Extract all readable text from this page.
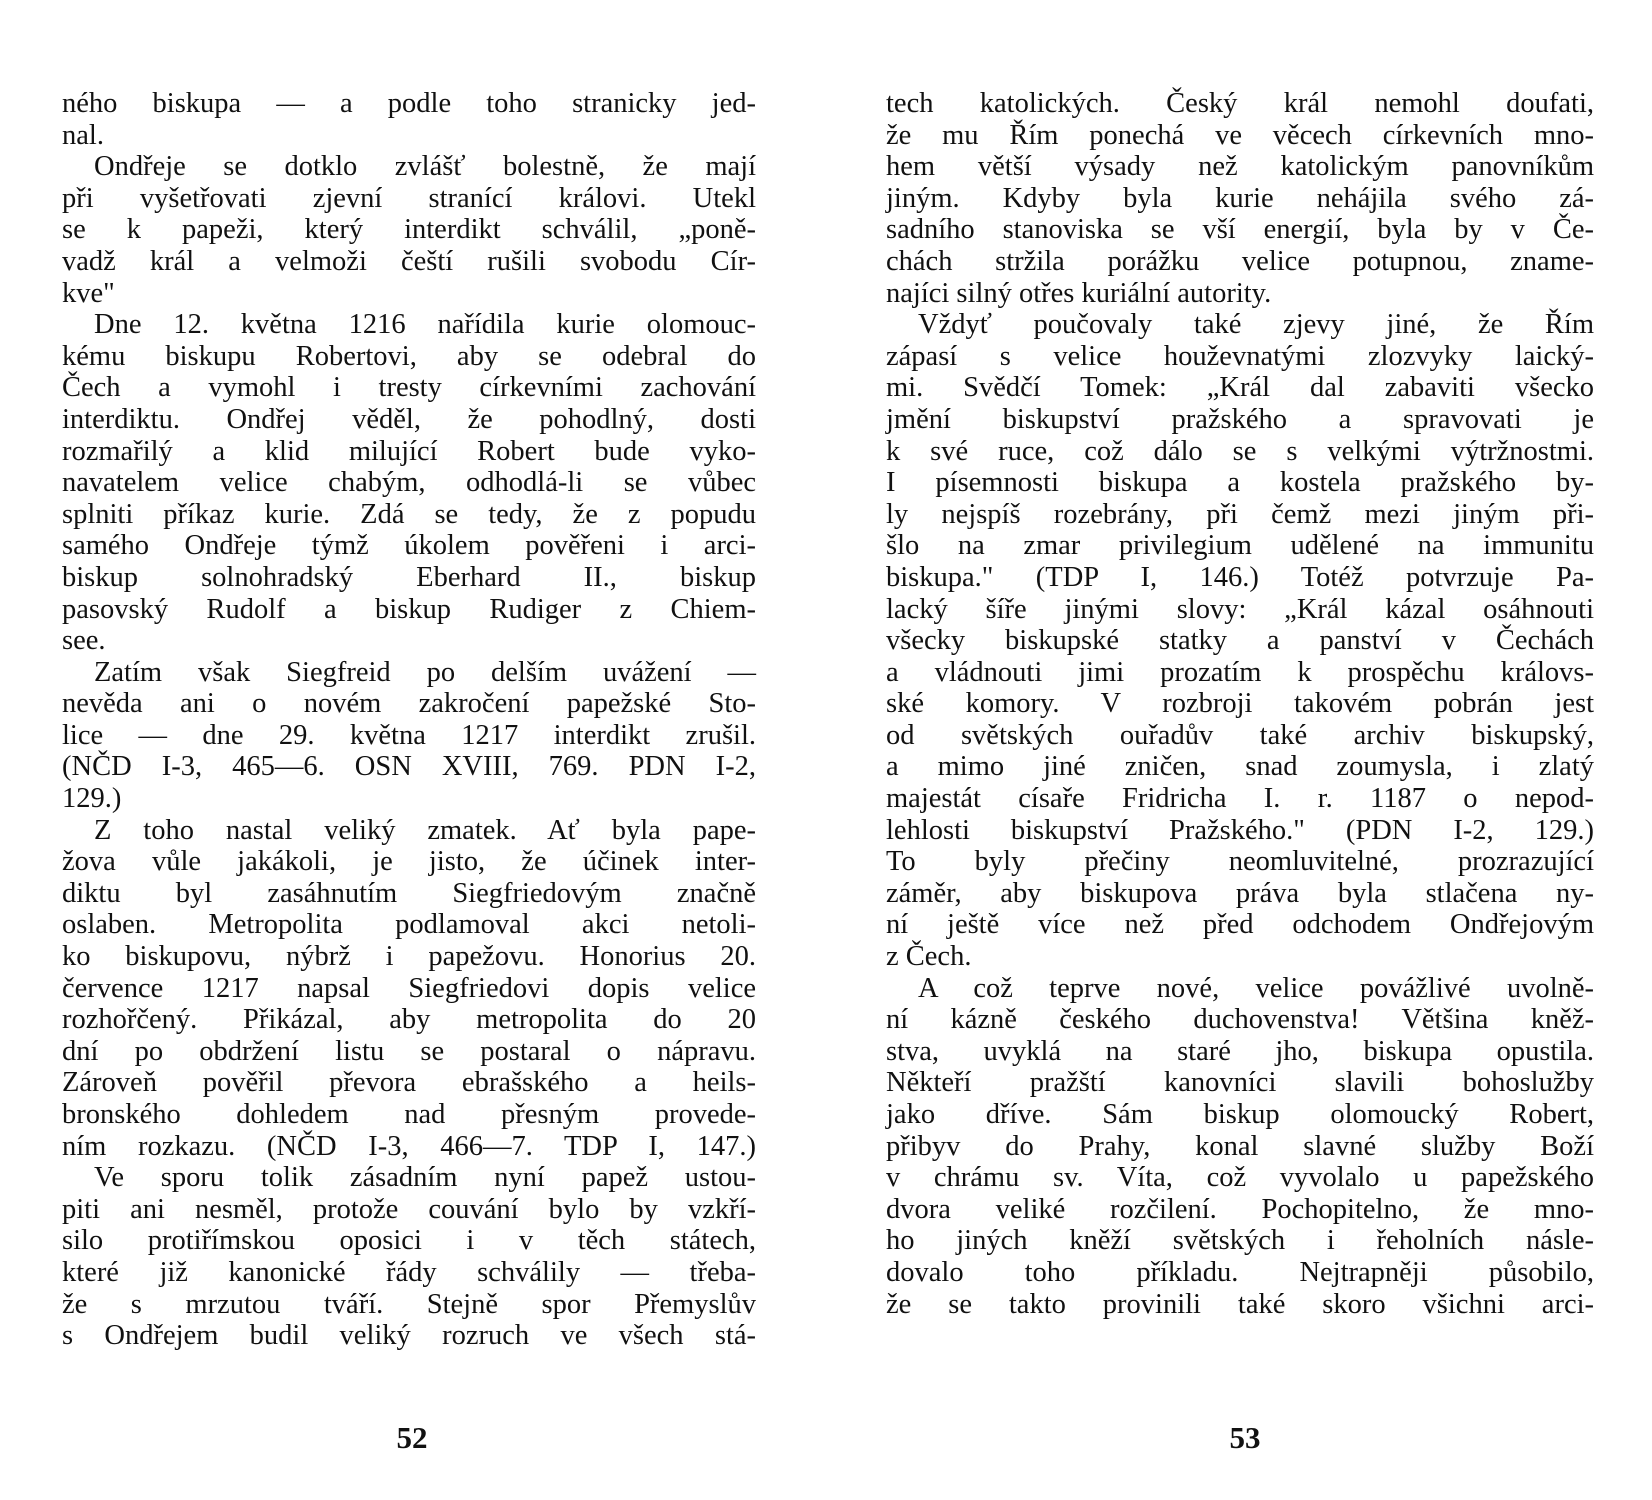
ného biskupa — a podle toho stranicky jed-
nal.
Ondřeje se dotklo zvlášť bolestně, že mají
při vyšetřovati zjevní stranící královi. Utekl
se k papeži, který interdikt schválil, „poně-
vadž král a velmoži čeští rušili svobodu Cír-
kve"
Dne 12. května 1216 nařídila kurie olomouc-
kému biskupu Robertovi, aby se odebral do
Čech a vymohl i tresty církevními zachování
interdiktu. Ondřej věděl, že pohodlný, dosti
rozmařilý a klid milující Robert bude vyko-
navatelem velice chabým, odhodlá-li se vůbec
splniti příkaz kurie. Zdá se tedy, že z popudu
samého Ondřeje týmž úkolem pověřeni i arci-
biskup solnohradský Eberhard II., biskup
pasovský Rudolf a biskup Rudiger z Chiem-
see.
Zatím však Siegfreid po delším uvážení —
nevěda ani o novém zakročení papežské Sto-
lice — dne 29. května 1217 interdikt zrušil.
(NČD I-3, 465—6. OSN XVIII, 769. PDN I-2,
129.)
Z toho nastal veliký zmatek. Ať byla pape-
žova vůle jakákoli, je jisto, že účinek inter-
diktu byl zasáhnutím Siegfriedovým značně
oslaben. Metropolita podlamoval akci netoli-
ko biskupovu, nýbrž i papežovu. Honorius 20.
července 1217 napsal Siegfriedovi dopis velice
rozhořčený. Přikázal, aby metropolita do 20
dní po obdržení listu se postaral o nápravu.
Zároveň pověřil převora ebrašského a heils-
bronského dohledem nad přesným provede-
ním rozkazu. (NČD I-3, 466—7. TDP I, 147.)
Ve sporu tolik zásadním nyní papež ustou-
piti ani nesměl, protože couvání bylo by vzkří-
silo protiřímskou oposici i v těch státech,
které již kanonické řády schválily — třeba-
že s mrzutou tváří. Stejně spor Přemyslův
s Ondřejem budil veliký rozruch ve všech stá-
52
tech katolických. Český král nemohl doufati,
že mu Řím ponechá ve věcech církevních mno-
hem větší výsady než katolickým panovníkům
jiným. Kdyby byla kurie nehájila svého zá-
sadního stanoviska se vší energií, byla by v Če-
chách stržila porážku velice potupnou, zname-
najíci silný otřes kuriální autority.
Vždyť poučovaly také zjevy jiné, že Řím
zápasí s velice houževnatými zlozvyky laický-
mi. Svědčí Tomek: „Král dal zabaviti všecko
jmění biskupství pražského a spravovati je
k své ruce, což dálo se s velkými výtržnostmi.
I písemnosti biskupa a kostela pražského by-
ly nejspíš rozebrány, při čemž mezi jiným při-
šlo na zmar privilegium udělené na immunitu
biskupa." (TDP I, 146.) Totéž potvrzuje Pa-
lacký šíře jinými slovy: „Král kázal osáhnouti
všecky biskupské statky a panství v Čechách
a vládnouti jimi prozatím k prospěchu královs-
ské komory. V rozbroji takovém pobrán jest
od světských ouřadův také archiv biskupský,
a mimo jiné zničen, snad zoumysla, i zlatý
majestát císaře Fridricha I. r. 1187 o nepod-
lehlosti biskupství Pražského." (PDN I-2, 129.)
To byly přečiny neomluvitelné, prozrazující
záměr, aby biskupova práva byla stlačena ny-
ní ještě více než před odchodem Ondřejovým
z Čech.
A což teprve nové, velice povážlivé uvolně-
ní kázně českého duchovenstva! Většina kněž-
stva, uvyklá na staré jho, biskupa opustila.
Někteří pražští kanovníci slavili bohoslužby
jako dříve. Sám biskup olomoucký Robert,
přibyv do Prahy, konal slavné služby Boží
v chrámu sv. Víta, což vyvolalo u papežského
dvora veliké rozčilení. Pochopitelno, že mno-
ho jiných kněží světských i řeholních násle-
dovalo toho příkladu. Nejtrapněji působilo,
že se takto provinili také skoro všichni arci-
53
